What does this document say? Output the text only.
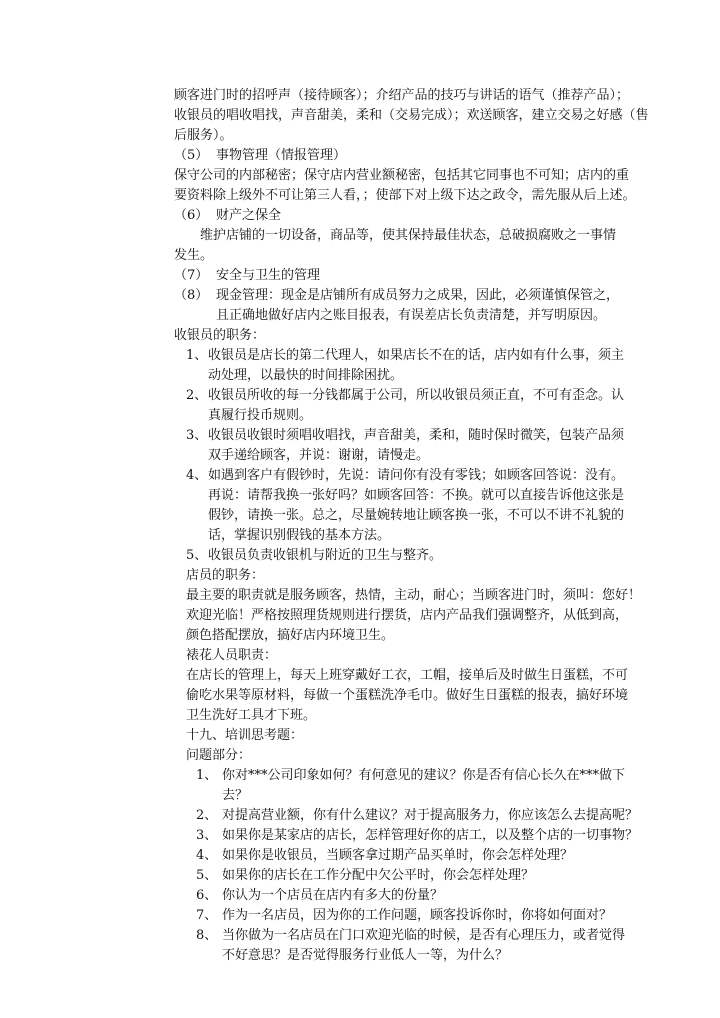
顾客进门时的招呼声（接待顾客）；介绍产品的技巧与讲话的语气（推荐产品）；
收银员的唱收唱找，声音甜美，柔和（交易完成）；欢送顾客，建立交易之好感（售
后服务）。
（5） 事物管理（情报管理）
保守公司的内部秘密；保守店内营业额秘密，包括其它同事也不可知；店内的重
要资料除上级外不可让第三人看，；使部下对上级下达之政令，需先服从后上述。
（6） 财产之保全
维护店铺的一切设备，商品等，使其保持最佳状态，总破损腐败之一事情
发生。
（7） 安全与卫生的管理
（8） 现金管理：现金是店铺所有成员努力之成果，因此，必须谨慎保管之，
且正确地做好店内之账目报表，有误差店长负责清楚，并写明原因。
收银员的职务：
1、收银员是店长的第二代理人，如果店长不在的话，店内如有什么事，须主
动处理，以最快的时间排除困扰。
2、收银员所收的每一分钱都属于公司，所以收银员须正直，不可有歪念。认
真履行投币规则。
3、收银员收银时须唱收唱找，声音甜美，柔和，随时保时微笑，包装产品须
双手递给顾客，并说：谢谢，请慢走。
4、如遇到客户有假钞时，先说：请问你有没有零钱；如顾客回答说：没有。
再说：请帮我换一张好吗？如顾客回答：不换。就可以直接告诉他这张是
假钞，请换一张。总之，尽量婉转地让顾客换一张，不可以不讲不礼貌的
话，掌握识别假钱的基本方法。
5、收银员负责收银机与附近的卫生与整齐。
店员的职务：
最主要的职责就是服务顾客，热情，主动，耐心；当顾客进门时，须叫：您好！
欢迎光临！严格按照理货规则进行摆货，店内产品我们强调整齐，从低到高，
颜色搭配摆放，搞好店内环境卫生。
裱花人员职责：
在店长的管理上，每天上班穿戴好工衣，工帽，接单后及时做生日蛋糕，不可
偷吃水果等原材料，每做一个蛋糕洗净毛巾。做好生日蛋糕的报表，搞好环境
卫生洗好工具才下班。
十九、培训思考题：
问题部分：
1、 你对***公司印象如何？有何意见的建议？你是否有信心长久在***做下
去？
2、 对提高营业额，你有什么建议？对于提高服务力，你应该怎么去提高呢？
3、 如果你是某家店的店长，怎样管理好你的店工，以及整个店的一切事物？
4、 如果你是收银员，当顾客拿过期产品买单时，你会怎样处理？
5、 如果你的店长在工作分配中欠公平时，你会怎样处理？
6、 你认为一个店员在店内有多大的份量？
7、 作为一名店员，因为你的工作问题，顾客投诉你时，你将如何面对？
8、 当你做为一名店员在门口欢迎光临的时候，是否有心理压力，或者觉得
不好意思？是否觉得服务行业低人一等，为什么？
